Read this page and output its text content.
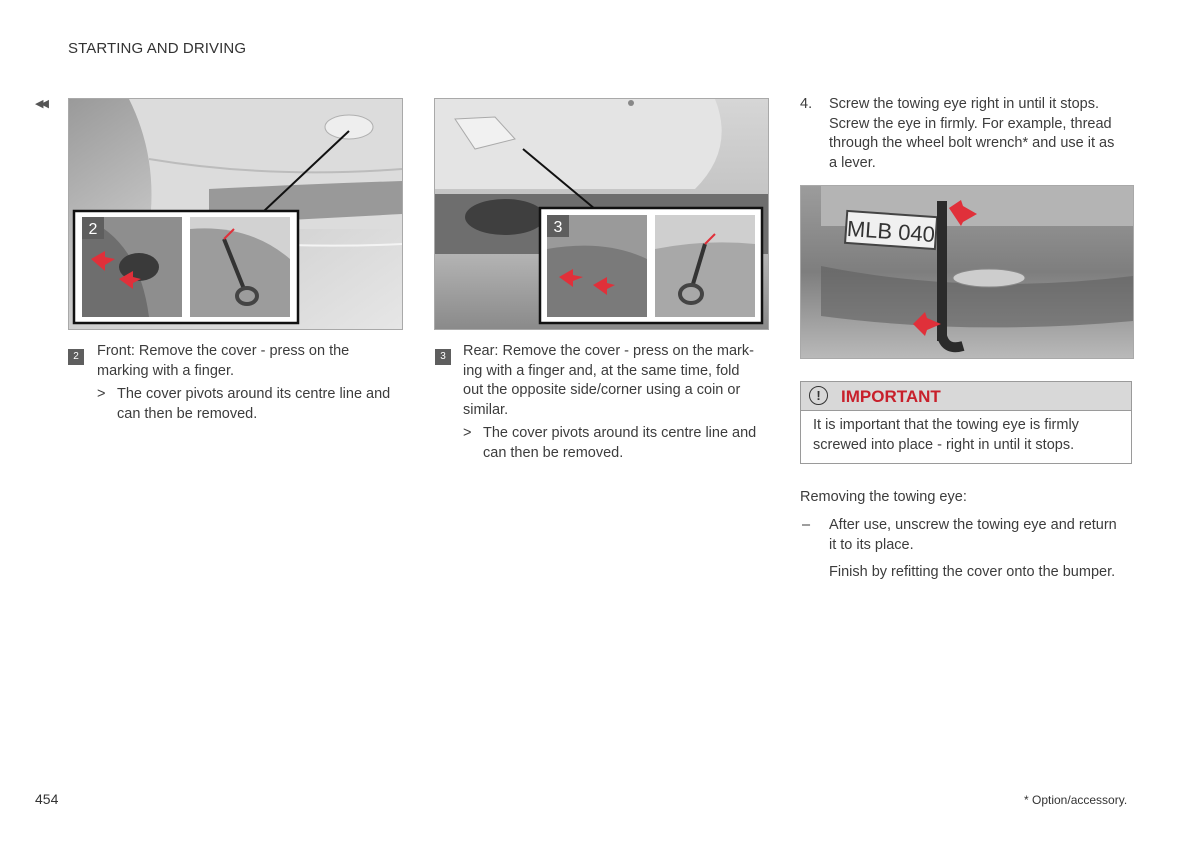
STARTING AND DRIVING
◀◀
2	3	MLB 040
2	Front: Remove the cover - press on the
marking with a finger.
> The cover pivots around its centre line and
can then be removed.
3	Rear: Remove the cover - press on the mark-
ing with a finger and, at the same time, fold
out the opposite side/corner using a coin or
similar.
> The cover pivots around its centre line and
can then be removed.
4. Screw the towing eye right in until it stops.
Screw the eye in firmly. For example, thread
through the wheel bolt wrench* and use it as
a lever.
!	IMPORTANT
It is important that the towing eye is firmly
screwed into place - right in until it stops.
Removing the towing eye:
– After use, unscrew the towing eye and return
it to its place.
Finish by refitting the cover onto the bumper.
454	* Option/accessory.
